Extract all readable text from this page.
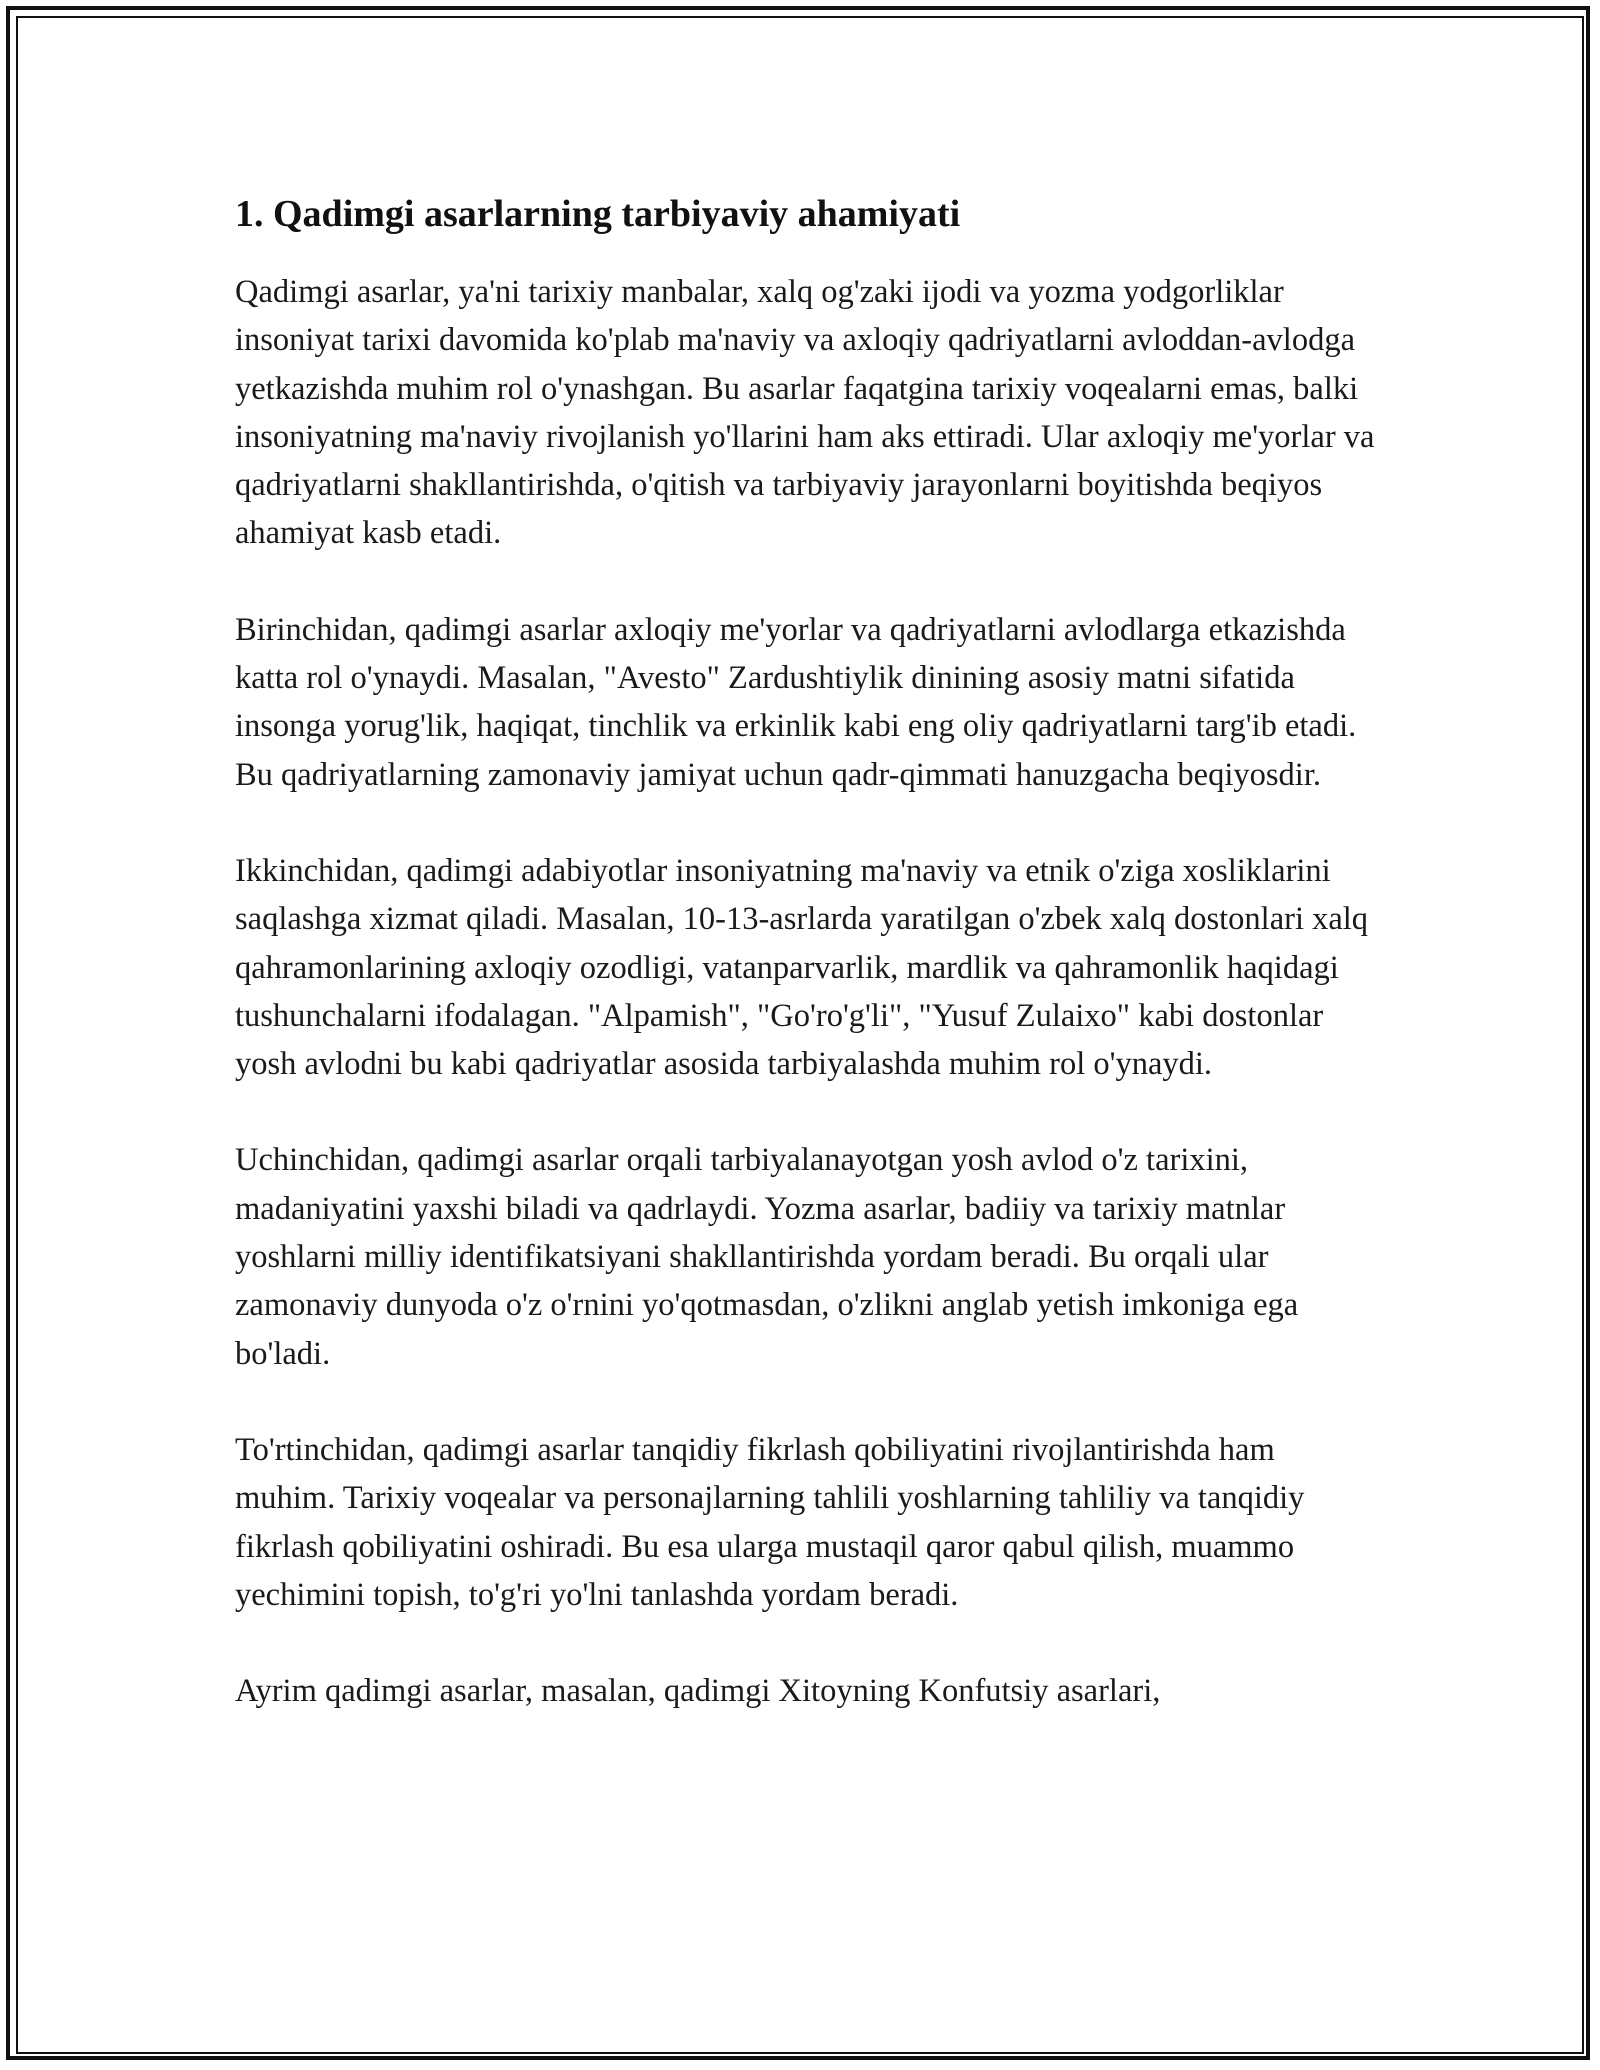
1. Qadimgi asarlarning tarbiyaviy ahamiyati

Qadimgi asarlar, ya'ni tarixiy manbalar, xalq og'zaki ijodi va yozma yodgorliklar insoniyat tarixi davomida ko'plab ma'naviy va axloqiy qadriyatlarni avloddan-avlodga yetkazishda muhim rol o'ynashgan. Bu asarlar faqatgina tarixiy voqealarni emas, balki insoniyatning ma'naviy rivojlanish yo'llarini ham aks ettiradi. Ular axloqiy me'yorlar va qadriyatlarni shakllantirishda, o'qitish va tarbiyaviy jarayonlarni boyitishda beqiyos ahamiyat kasb etadi.

Birinchidan, qadimgi asarlar axloqiy me'yorlar va qadriyatlarni avlodlarga etkazishda katta rol o'ynaydi. Masalan, "Avesto" Zardushtiylik dinining asosiy matni sifatida insonga yorug'lik, haqiqat, tinchlik va erkinlik kabi eng oliy qadriyatlarni targ'ib etadi. Bu qadriyatlarning zamonaviy jamiyat uchun qadr-qimmati hanuzgacha beqiyosdir.

Ikkinchidan, qadimgi adabiyotlar insoniyatning ma'naviy va etnik o'ziga xosliklarini saqlashga xizmat qiladi. Masalan, 10-13-asrlarda yaratilgan o'zbek xalq dostonlari xalq qahramonlarining axloqiy ozodligi, vatanparvarlik, mardlik va qahramonlik haqidagi tushunchalarni ifodalagan. "Alpamish", "Go'ro'g'li", "Yusuf Zulaixo" kabi dostonlar yosh avlodni bu kabi qadriyatlar asosida tarbiyalashda muhim rol o'ynaydi.

Uchinchidan, qadimgi asarlar orqali tarbiyalanayotgan yosh avlod o'z tarixini, madaniyatini yaxshi biladi va qadrlaydi. Yozma asarlar, badiiy va tarixiy matnlar yoshlarni milliy identifikatsiyani shakllantirishda yordam beradi. Bu orqali ular zamonaviy dunyoda o'z o'rnini yo'qotmasdan, o'zlikni anglab yetish imkoniga ega bo'ladi.

To'rtinchidan, qadimgi asarlar tanqidiy fikrlash qobiliyatini rivojlantirishda ham muhim. Tarixiy voqealar va personajlarning tahlili yoshlarning tahliliy va tanqidiy fikrlash qobiliyatini oshiradi. Bu esa ularga mustaqil qaror qabul qilish, muammo yechimini topish, to'g'ri yo'lni tanlashda yordam beradi.

Ayrim qadimgi asarlar, masalan, qadimgi Xitoyning Konfutsiy asarlari,
